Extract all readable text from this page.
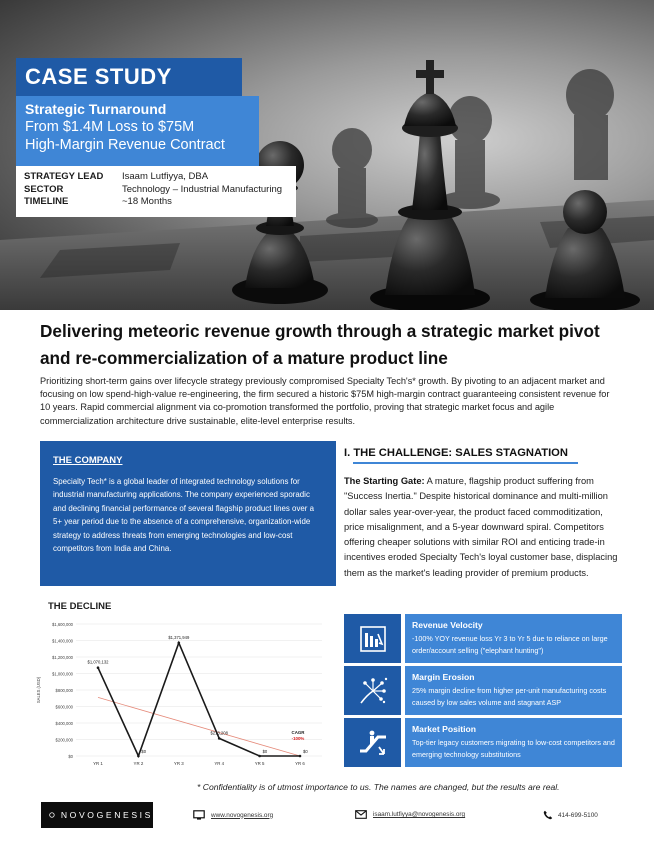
CASE STUDY
Strategic Turnaround
From $1.4M Loss to $75M
High-Margin Revenue Contract
STRATEGY LEAD	Isaam Lutfiyya, DBA
SECTOR	Technology – Industrial Manufacturing
TIMELINE	~18 Months
Delivering meteoric revenue growth through a strategic market pivot and re-commercialization of a mature product line
Prioritizing short-term gains over lifecycle strategy previously compromised Specialty Tech's* growth. By pivoting to an adjacent market and focusing on low spend-high-value re-engineering, the firm secured a historic $75M high-margin contract guaranteeing consistent revenue for 10 years. Rapid commercial alignment via co-promotion transformed the portfolio, proving that strategic market focus and agile commercialization architecture drive sustainable, elite-level enterprise results.
THE COMPANY
Specialty Tech* is a global leader of integrated technology solutions for industrial manufacturing applications. The company experienced sporadic and declining financial performance of several flagship product lines over a 5+ year period due to the absence of a comprehensive, organization-wide strategy to address threats from emerging technologies and low-cost competitors from India and China.
I. THE CHALLENGE: SALES STAGNATION
The Starting Gate: A mature, flagship product suffering from "Success Inertia." Despite historical dominance and multi-million dollar sales year-over-year, the product faced commoditization, price misalignment, and a 5-year downward spiral. Competitors offering cheaper solutions with similar ROI and enticing trade-in incentives eroded Specialty Tech's loyal customer base, displacing them as the market's leading provider of premium products.
THE DECLINE
$0
$200,000
$400,000
$600,000
$800,000
$1,000,000
$1,200,000
$1,400,000
$1,600,000
SALES (USD)
YR 1	YR 2	YR 3	YR 4	YR 5	YR 6
$1,070,132
$0
$1,371,949
$213,208
$0	$0
CAGR
-100%
Revenue Velocity
-100% YOY revenue loss Yr 3 to Yr 5 due to reliance on large order/account selling ("elephant hunting")
Margin Erosion
25% margin decline from higher per-unit manufacturing costs caused by low sales volume and stagnant ASP
Market Position
Top-tier legacy customers migrating to low-cost competitors and emerging technology substitutions
* Confidentiality is of utmost importance to us. The names are changed, but the results are real.
NOVOGENESIS	www.novogenesis.org	isaam.lutfiyya@novogenesis.org	414-699-5100
